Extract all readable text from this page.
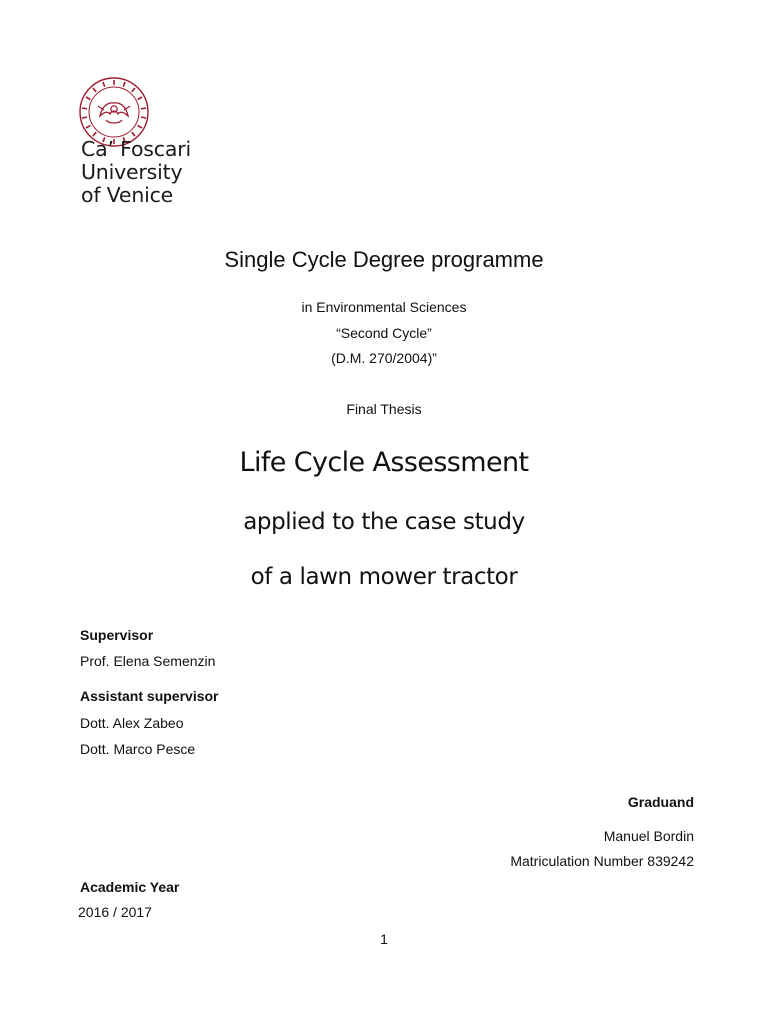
Ca’ Foscari
University
of Venice
Single Cycle Degree programme
in Environmental Sciences
“Second Cycle”
(D.M. 270/2004)”
Final Thesis
Life Cycle Assessment
applied to the case study
of a lawn mower tractor
Supervisor
Prof. Elena Semenzin
Assistant supervisor
Dott. Alex Zabeo
Dott. Marco Pesce
Graduand
Manuel Bordin
Matriculation Number 839242
Academic Year
2016 / 2017
1
